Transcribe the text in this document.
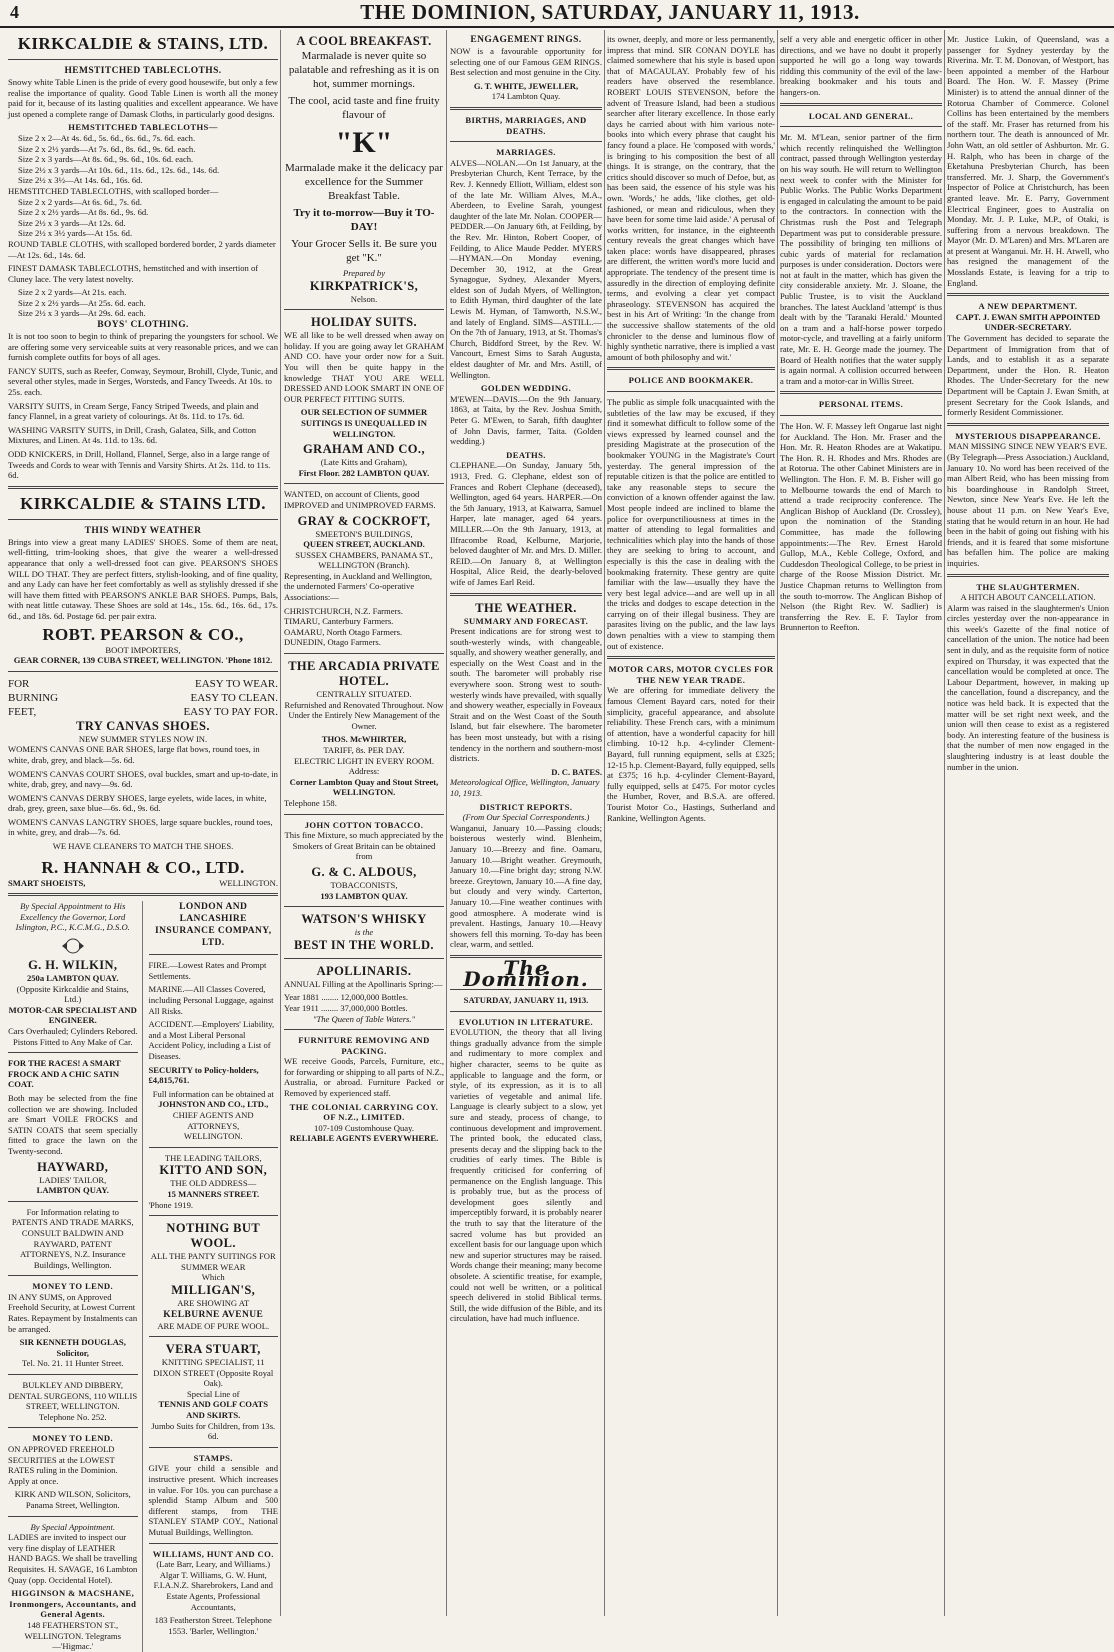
4	THE DOMINION, SATURDAY, JANUARY 11, 1913.
KIRKCALDIE & STAINS, LTD.
HEMSTITCHED TABLECLOTHS.

Snowy white Table Linen is the pride of every good housewife, but only a few realise the importance of quality. Good Table Linen is worth all the money paid for it, because of its lasting qualities and excellent appearance. We have just opened a complete range of Damask Cloths, in particularly good designs.

HEMSTITCHED TABLECLOTHS—
Size 2 x 2—At 4s. 6d., 5s. 6d., 6s. 6d., 7s. 6d. each.
Size 2 x 2½ yards—At 7s. 6d., 8s. 6d., 9s. 6d. each.
Size 2 x 3 yards—At 8s. 6d., 9s. 6d., 10s. 6d. each.
Size 2½ x 3 yards—At 10s. 6d., 11s. 6d., 12s. 6d., 14s. 6d.
Size 2½ x 3½—At 14s. 6d., 16s. 6d.
HEMSTITCHED TABLECLOTHS, with scalloped border—
Size 2 x 2 yards—At 6s. 6d., 7s. 6d.
Size 2 x 2½ yards—At 8s. 6d., 9s. 6d.
Size 2½ x 3 yards—At 12s. 6d.
Size 2½ x 3½ yards—At 15s. 6d.

ROUND TABLE CLOTHS, with scalloped bordered border, 2 yards diameter—At 12s. 6d., 14s. 6d.

FINEST DAMASK TABLECLOTHS, hemstitched and with insertion of Cluney lace. The very latest novelty.

Size 2 x 2 yards—At 21s. each.
Size 2 x 2½ yards—At 25s. 6d. each.
Size 2½ x 3 yards—At 29s. 6d. each.
BOYS' CLOTHING.

It is not too soon to begin to think of preparing the youngsters for school. We are offering some very serviceable suits at very reasonable prices, and we can furnish complete outfits for boys of all ages.

FANCY SUITS, such as Reefer, Conway, Seymour, Brohill, Clyde, Tunic, and several other styles, made in Serges, Worsteds, and Fancy Tweeds. At 10s. to 25s. each.

VARSITY SUITS, in Cream Serge, Fancy Striped Tweeds, and plain and fancy Flannel, in a great variety of colourings. At 8s. 11d. to 17s. 6d.

WASHING VARSITY SUITS, in Drill, Crash, Galatea, Silk, and Cotton Mixtures, and Linen. At 4s. 11d. to 13s. 6d.

ODD KNICKERS, in Drill, Holland, Flannel, Serge, also in a large range of Tweeds and Cords to wear with Tennis and Varsity Shirts. At 2s. 11d. to 11s. 6d.

KIRKCALDIE & STAINS LTD.
THIS WINDY WEATHER

Brings into view a great many LADIES' SHOES. Some of them are neat, well-fitting, trim-looking shoes, that give the wearer a well-dressed appearance that only a well-dressed foot can give. PEARSON'S SHOES WILL DO THAT. They are perfect fitters, stylish-looking, and of fine quality, and any Lady can have her feet comfortably as well as stylishly dressed if she will have them fitted with PEARSON'S ANKLE BAR SHOES. Pumps, Bals, with neat little cutaway. These Shoes are sold at 14s., 15s. 6d., 16s. 6d., 17s. 6d., and 18s. 6d. Postage 6d. per pair extra.

ROBT. PEARSON & CO.,
BOOT IMPORTERS,
GEAR CORNER, 139 CUBA STREET, WELLINGTON. 'Phone 1812.
FOR
BURNING
FEET,
EASY TO WEAR.
EASY TO CLEAN.
EASY TO PAY FOR.
TRY CANVAS SHOES.
NEW SUMMER STYLES NOW IN.

WOMEN'S CANVAS ONE BAR SHOES, large flat bows, round toes, in white, drab, grey, and black—5s. 6d.

WOMEN'S CANVAS COURT SHOES, oval buckles, smart and up-to-date, in white, drab, grey, and navy—9s. 6d.

WOMEN'S CANVAS DERBY SHOES, large eyelets, wide laces, in white, drab, grey, green, saxe blue—6s. 6d., 9s. 6d.

WOMEN'S CANVAS LANGTRY SHOES, large square buckles, round toes, in white, grey, and drab—7s. 6d.

WE HAVE CLEANERS TO MATCH THE SHOES.
R. HANNAH & CO., LTD.
SMART SHOEISTS,	WELLINGTON.

By Special Appointment to His Excellency the Governor, Lord Islington, P.C., K.C.M.G., D.S.O.

G. H. WILKIN,
250a LAMBTON QUAY.
(Opposite Kirkcaldie and Stains, Ltd.)
MOTOR-CAR SPECIALIST AND ENGINEER.
Cars Overhauled; Cylinders Rebored.
Pistons Fitted to Any Make of Car.

FOR THE RACES! A SMART FROCK AND A CHIC SATIN COAT.

Both may be selected from the fine collection we are showing. Included are Smart VOILE FROCKS and SATIN COATS that seem specially fitted to grace the lawn on the Twenty-second.

HAYWARD,
LADIES' TAILOR,
LAMBTON QUAY.

For Information relating to PATENTS AND TRADE MARKS, CONSULT BALDWIN AND RAYWARD, PATENT ATTORNEYS, N.Z. Insurance Buildings, Wellington.

MONEY TO LEND.

IN ANY SUMS, on Approved Freehold Security, at Lowest Current Rates. Repayment by Instalments can be arranged.

SIR KENNETH DOUGLAS, Solicitor,
Tel. No. 21. 11 Hunter Street.

BULKLEY AND DIBBERY, DENTAL SURGEONS, 110 WILLIS STREET, WELLINGTON. Telephone No. 252.

MONEY TO LEND.

ON APPROVED FREEHOLD SECURITIES at the LOWEST RATES ruling in the Dominion. Apply at once.

KIRK AND WILSON, Solicitors, Panama Street, Wellington.

By Special Appointment.

LADIES are invited to inspect our very fine display of LEATHER HAND BAGS. We shall be travelling Requisites. H. SAVAGE, 16 Lambton Quay (opp. Occidental Hotel).

HIGGINSON & MACSHANE, Ironmongers, Accountants, and General Agents.
148 FEATHERSTON ST., WELLINGTON. Telegrams—'Higmac.'
LONDON AND LANCASHIRE INSURANCE COMPANY, LTD.

FIRE.—Lowest Rates and Prompt Settlements.

MARINE.—All Classes Covered, including Personal Luggage, against All Risks.

ACCIDENT.—Employers' Liability, and a Most Liberal Personal Accident Policy, including a List of Diseases.

SECURITY to Policy-holders, £4,815,761.

Full information can be obtained at
JOHNSTON AND CO., LTD.,
CHIEF AGENTS AND ATTORNEYS,
WELLINGTON.
THE LEADING TAILORS,
KITTO AND SON,
THE OLD ADDRESS—
15 MANNERS STREET.
'Phone 1919.
NOTHING BUT WOOL.
ALL THE PANTY SUITINGS FOR SUMMER WEAR
Which
MILLIGAN'S,
ARE SHOWING AT
KELBURNE AVENUE
ARE MADE OF PURE WOOL.
VERA STUART,
KNITTING SPECIALIST, 11 DIXON STREET (Opposite Royal Oak).
Special Line of
TENNIS AND GOLF COATS AND SKIRTS.
Jumbo Suits for Children, from 13s. 6d.
STAMPS.

GIVE your child a sensible and instructive present. Which increases in value. For 10s. you can purchase a splendid Stamp Album and 500 different stamps, from THE STANLEY STAMP COY., National Mutual Buildings, Wellington.

WILLIAMS, HUNT AND CO.

(Late Barr, Leary, and Williams.) Algar T. Williams, G. W. Hunt, F.I.A.N.Z. Sharebrokers, Land and Estate Agents, Professional Accountants,

183 Featherston Street. Telephone 1553. 'Barler, Wellington.'
A COOL BREAKFAST.

Marmalade is never quite so palatable and refreshing as it is on hot, summer mornings.

The cool, acid taste and fine fruity flavour of

"K"

Marmalade make it the delicacy par excellence for the Summer Breakfast Table.

Try it to-morrow—Buy it TO-DAY!

Your Grocer Sells it. Be sure you get "K."

Prepared by
KIRKPATRICK'S,
Nelson.
HOLIDAY SUITS.

WE all like to be well dressed when away on holiday. If you are going away let GRAHAM AND CO. have your order now for a Suit. You will then be quite happy in the knowledge THAT YOU ARE WELL DRESSED AND LOOK SMART IN ONE OF OUR PERFECT FITTING SUITS.

OUR SELECTION OF SUMMER SUITINGS IS UNEQUALLED IN WELLINGTON.

GRAHAM AND CO.,
(Late Kitts and Graham),
First Floor. 282 LAMBTON QUAY.

WANTED, on account of Clients, good IMPROVED and UNIMPROVED FARMS.

GRAY & COCKROFT,
SMEETON'S BUILDINGS,
QUEEN STREET, AUCKLAND.
SUSSEX CHAMBERS, PANAMA ST., WELLINGTON (Branch).

Representing, in Auckland and Wellington, the undernoted Farmers' Co-operative Associations:—

CHRISTCHURCH, N.Z. Farmers.
TIMARU, Canterbury Farmers.
OAMARU, North Otago Farmers.
DUNEDIN, Otago Farmers.
THE ARCADIA PRIVATE HOTEL.
CENTRALLY SITUATED.

Refurnished and Renovated Throughout. Now Under the Entirely New Management of the Owner.

THOS. McWHIRTER,
TARIFF, 8s. PER DAY.
ELECTRIC LIGHT IN EVERY ROOM.
Address:
Corner Lambton Quay and Stout Street, WELLINGTON.
Telephone 158.
JOHN COTTON TOBACCO.

This fine Mixture, so much appreciated by the Smokers of Great Britain can be obtained from

G. & C. ALDOUS,
TOBACCONISTS,
193 LAMBTON QUAY.
WATSON'S WHISKY
is the
BEST IN THE WORLD.
APOLLINARIS.

ANNUAL Filling at the Apollinaris Spring:—

Year 1881 ........ 12,000,000 Bottles.
Year 1911 ........ 37,000,000 Bottles.
"The Queen of Table Waters."
FURNITURE REMOVING AND PACKING.

WE receive Goods, Parcels, Furniture, etc., for forwarding or shipping to all parts of N.Z., Australia, or abroad. Furniture Packed or Removed by experienced staff.

THE COLONIAL CARRYING COY. OF N.Z., LIMITED.
107-109 Customhouse Quay.
RELIABLE AGENTS EVERYWHERE.
ENGAGEMENT RINGS.

NOW is a favourable opportunity for selecting one of our Famous GEM RINGS. Best selection and most genuine in the City.

G. T. WHITE, JEWELLER,
174 Lambton Quay.
BIRTHS, MARRIAGES, AND DEATHS.
MARRIAGES.

ALVES—NOLAN.—On 1st January, at the Presbyterian Church, Kent Terrace, by the Rev. J. Kennedy Elliott, William, eldest son of the late Mr. William Alves, M.A., Aberdeen, to Eveline Sarah, youngest daughter of the late Mr. Nolan. COOPER—PEDDER.—On January 6th, at Feilding, by the Rev. Mr. Hinton, Robert Cooper, of Feilding, to Alice Maude Pedder. MYERS—HYMAN.—On Monday evening, December 30, 1912, at the Great Synagogue, Sydney, Alexander Myers, eldest son of Judah Myers, of Wellington, to Edith Hyman, third daughter of the late Lewis M. Hyman, of Tamworth, N.S.W., and lately of England. SIMS—ASTILL.—On the 7th of January, 1913, at St. Thomas's Church, Biddford Street, by the Rev. W. Vancourt, Ernest Sims to Sarah Augusta, eldest daughter of Mr. and Mrs. Astill, of Wellington.

GOLDEN WEDDING.

M'EWEN—DAVIS.—On the 9th January, 1863, at Taita, by the Rev. Joshua Smith, Peter G. M'Ewen, to Sarah, fifth daughter of John Davis, farmer, Taita. (Golden wedding.)

DEATHS.

CLEPHANE.—On Sunday, January 5th, 1913, Fred. G. Clephane, eldest son of Frances and Robert Clephane (deceased), Wellington, aged 64 years. HARPER.—On the 5th January, 1913, at Kaiwarra, Samuel Harper, late manager, aged 64 years. MILLER.—On the 9th January, 1913, at Ilfracombe Road, Kelburne, Marjorie, beloved daughter of Mr. and Mrs. D. Miller. REID.—On January 8, at Wellington Hospital, Alice Reid, the dearly-beloved wife of James Earl Reid.

THE WEATHER.
SUMMARY AND FORECAST.

Present indications are for strong west to south-westerly winds, with changeable, squally, and showery weather generally, and especially on the West Coast and in the south. The barometer will probably rise everywhere soon. Strong west to south-westerly winds have prevailed, with squally and showery weather, especially in Foveaux Strait and on the West Coast of the South Island, but fair elsewhere. The barometer has been most unsteady, but with a rising tendency in the northern and southern-most districts.

D. C. BATES.
Meteorological Office, Wellington, January 10, 1913.
DISTRICT REPORTS.
(From Our Special Correspondents.)

Wanganui, January 10.—Passing clouds; boisterous westerly wind. Blenheim, January 10.—Breezy and fine. Oamaru, January 10.—Bright weather. Greymouth, January 10.—Fine bright day; strong N.W. breeze. Greytown, January 10.—A fine day, but cloudy and very windy. Carterton, January 10.—Fine weather continues with good atmosphere. A moderate wind is prevalent. Hastings, January 10.—Heavy showers fell this morning. To-day has been clear, warm, and settled.

The Dominion.
SATURDAY, JANUARY 11, 1913.
EVOLUTION IN LITERATURE.

EVOLUTION, the theory that all living things gradually advance from the simple and rudimentary to more complex and higher character, seems to be quite as applicable to language and the form, or style, of its expression, as it is to all varieties of vegetable and animal life. Language is clearly subject to a slow, yet sure and steady, process of change, to continuous development and improvement. The printed book, the educated class, presents decay and the slipping back to the crudities of early times. The Bible is frequently criticised for conferring of permanence on the English language. This is probably true, but as the process of development goes silently and imperceptibly forward, it is probably nearer the truth to say that the literature of the sacred volume has but provided an excellent basis for our language upon which new and superior structures may be raised. Words change their meaning; many become obsolete. A scientific treatise, for example, could not well be written, or a political speech delivered in stolid Biblical terms. Still, the wide diffusion of the Bible, and its circulation, have had much influence.

its owner, deeply, and more or less permanently, impress that mind. SIR CONAN DOYLE has claimed somewhere that his style is based upon that of MACAULAY. Probably few of his readers have observed the resemblance. ROBERT LOUIS STEVENSON, before the advent of Treasure Island, had been a studious searcher after literary excellence. In those early days he carried about with him various note-books into which every phrase that caught his fancy found a place. He 'composed with words,' is bringing to his composition the best of all things. It is strange, on the contrary, that the critics should discover so much of Defoe, but, as has been said, the essence of his style was his own. 'Words,' he adds, 'like clothes, get old-fashioned, or mean and ridiculous, when they have been for some time laid aside.' A perusal of works written, for instance, in the eighteenth century reveals the great changes which have taken place: words have disappeared, phrases are different, the written word's more lucid and appropriate. The tendency of the present time is assuredly in the direction of employing definite terms, and evolving a clear yet compact phraseology. STEVENSON has acquired the best in his Art of Writing: 'In the change from the successive shallow statements of the old chronicler to the dense and luminous flow of highly synthetic narrative, there is implied a vast amount of both philosophy and wit.'

POLICE AND BOOKMAKER.

The public as simple folk unacquainted with the subtleties of the law may be excused, if they find it somewhat difficult to follow some of the views expressed by learned counsel and the presiding Magistrate at the prosecution of the bookmaker YOUNG in the Magistrate's Court yesterday. The general impression of the reputable citizen is that the police are entitled to take any reasonable steps to secure the conviction of a known offender against the law. Most people indeed are inclined to blame the police for overpunctiliousness at times in the matter of attending to legal formalities and technicalities which play into the hands of those they are seeking to bring to account, and especially is this the case in dealing with the bookmaking fraternity. These gentry are quite familiar with the law—usually they have the very best legal advice—and are well up in all the tricks and dodges to escape detection in the carrying on of their illegal business. They are parasites living on the public, and the law lays down penalties with a view to stamping them out of existence.

MOTOR CARS, MOTOR CYCLES FOR THE NEW YEAR TRADE.

We are offering for immediate delivery the famous Clement Bayard cars, noted for their simplicity, graceful appearance, and absolute reliability. These French cars, with a minimum of attention, have a wonderful capacity for hill climbing. 10-12 h.p. 4-cylinder Clement-Bayard, full running equipment, sells at £325; 12-15 h.p. Clement-Bayard, fully equipped, sells at £375; 16 h.p. 4-cylinder Clement-Bayard, fully equipped, sells at £475. For motor cycles the Humber, Rover, and B.S.A. are offered. Tourist Motor Co., Hastings, Sutherland and Rankine, Wellington Agents.

self a very able and energetic officer in other directions, and we have no doubt it properly supported he will go a long way towards ridding this community of the evil of the law-breaking bookmaker and his touts and hangers-on.

LOCAL AND GENERAL.

Mr. M. M'Lean, senior partner of the firm which recently relinquished the Wellington contract, passed through Wellington yesterday on his way south. He will return to Wellington next week to confer with the Minister for Public Works. The Public Works Department is engaged in calculating the amount to be paid to the contractors. In connection with the Christmas rush the Post and Telegraph Department was put to considerable pressure. The possibility of bringing ten millions of cubic yards of material for reclamation purposes is under consideration. Doctors were not at fault in the matter, which has given the city considerable anxiety. Mr. J. Sloane, the Public Trustee, is to visit the Auckland branches. The latest Auckland 'attempt' is thus dealt with by the 'Taranaki Herald.' Mounted on a tram and a half-horse power torpedo motor-cycle, and travelling at a fairly uniform rate, Mr. E. H. George made the journey. The Board of Health notifies that the water supply is again normal. A collision occurred between a tram and a motor-car in Willis Street.

PERSONAL ITEMS.

The Hon. W. F. Massey left Ongarue last night for Auckland. The Hon. Mr. Fraser and the Hon. Mr. R. Heaton Rhodes are at Wakatipu. The Hon. R. H. Rhodes and Mrs. Rhodes are at Rotorua. The other Cabinet Ministers are in Wellington. The Hon. F. M. B. Fisher will go to Melbourne towards the end of March to attend a trade reciprocity conference. The Anglican Bishop of Auckland (Dr. Crossley), upon the nomination of the Standing Committee, has made the following appointments:—The Rev. Ernest Harold Gullop, M.A., Keble College, Oxford, and Cuddesdon Theological College, to be priest in charge of the Roose Mission District. Mr. Justice Chapman returns to Wellington from the south to-morrow. The Anglican Bishop of Nelson (the Right Rev. W. Sadlier) is transferring the Rev. E. F. Taylor from Brunnerton to Reefton.

Mr. Justice Lukin, of Queensland, was a passenger for Sydney yesterday by the Riverina. Mr. T. M. Donovan, of Westport, has been appointed a member of the Harbour Board. The Hon. W. F. Massey (Prime Minister) is to attend the annual dinner of the Rotorua Chamber of Commerce. Colonel Collins has been entertained by the members of the staff. Mr. Fraser has returned from his northern tour. The death is announced of Mr. John Watt, an old settler of Ashburton. Mr. G. H. Ralph, who has been in charge of the Eketahuna Presbyterian Church, has been transferred. Mr. J. Sharp, the Government's Inspector of Police at Christchurch, has been granted leave. Mr. E. Parry, Government Electrical Engineer, goes to Australia on Monday. Mr. J. P. Luke, M.P., of Otaki, is suffering from a nervous breakdown. The Mayor (Mr. D. M'Laren) and Mrs. M'Laren are at present at Wanganui. Mr. H. H. Atwell, who has resigned the management of the Mosslands Estate, is leaving for a trip to England.

A NEW DEPARTMENT.
CAPT. J. EWAN SMITH APPOINTED UNDER-SECRETARY.

The Government has decided to separate the Department of Immigration from that of Lands, and to establish it as a separate Department, under the Hon. R. Heaton Rhodes. The Under-Secretary for the new Department will be Captain J. Ewan Smith, at present Secretary for the Cook Islands, and formerly Resident Commissioner.

MYSTERIOUS DISAPPEARANCE.
MAN MISSING SINCE NEW YEAR'S EVE.

(By Telegraph—Press Association.) Auckland, January 10. No word has been received of the man Albert Reid, who has been missing from his boardinghouse in Randolph Street, Newton, since New Year's Eve. He left the house about 11 p.m. on New Year's Eve, stating that he would return in an hour. He had been in the habit of going out fishing with his friends, and it is feared that some misfortune has befallen him. The police are making inquiries.

THE SLAUGHTERMEN.
A HITCH ABOUT CANCELLATION.

Alarm was raised in the slaughtermen's Union circles yesterday over the non-appearance in this week's Gazette of the final notice of cancellation of the union. The notice had been sent in duly, and as the requisite form of notice expired on Thursday, it was expected that the cancellation would be completed at once. The Labour Department, however, in making up the cancellation, found a discrepancy, and the notice was held back. It is expected that the matter will be set right next week, and the union will then cease to exist as a registered body. An interesting feature of the business is that the number of men now engaged in the slaughtering industry is at least double the number in the union.
